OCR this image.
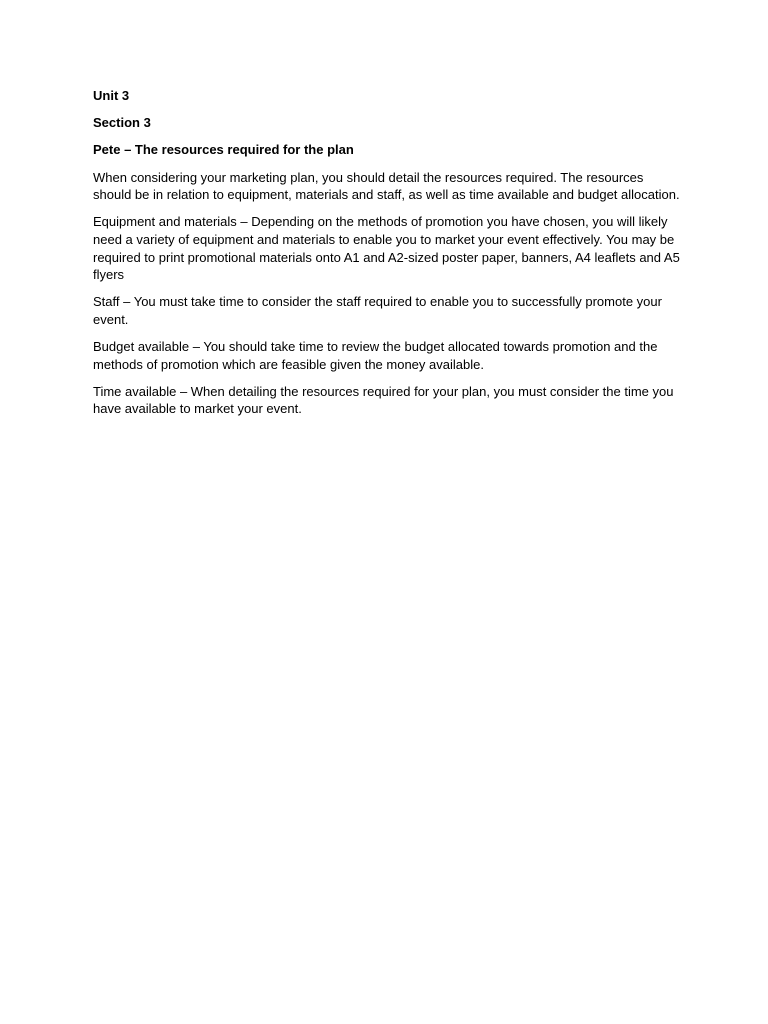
Unit 3

Section 3

Pete – The resources required for the plan

When considering your marketing plan, you should detail the resources required. The resources should be in relation to equipment, materials and staff, as well as time available and budget allocation.

Equipment and materials – Depending on the methods of promotion you have chosen, you will likely need a variety of equipment and materials to enable you to market your event effectively. You may be required to print promotional materials onto A1 and A2-sized poster paper, banners, A4 leaflets and A5 flyers

Staff – You must take time to consider the staff required to enable you to successfully promote your event.

Budget available – You should take time to review the budget allocated towards promotion and the methods of promotion which are feasible given the money available.

Time available – When detailing the resources required for your plan, you must consider the time you have available to market your event.
